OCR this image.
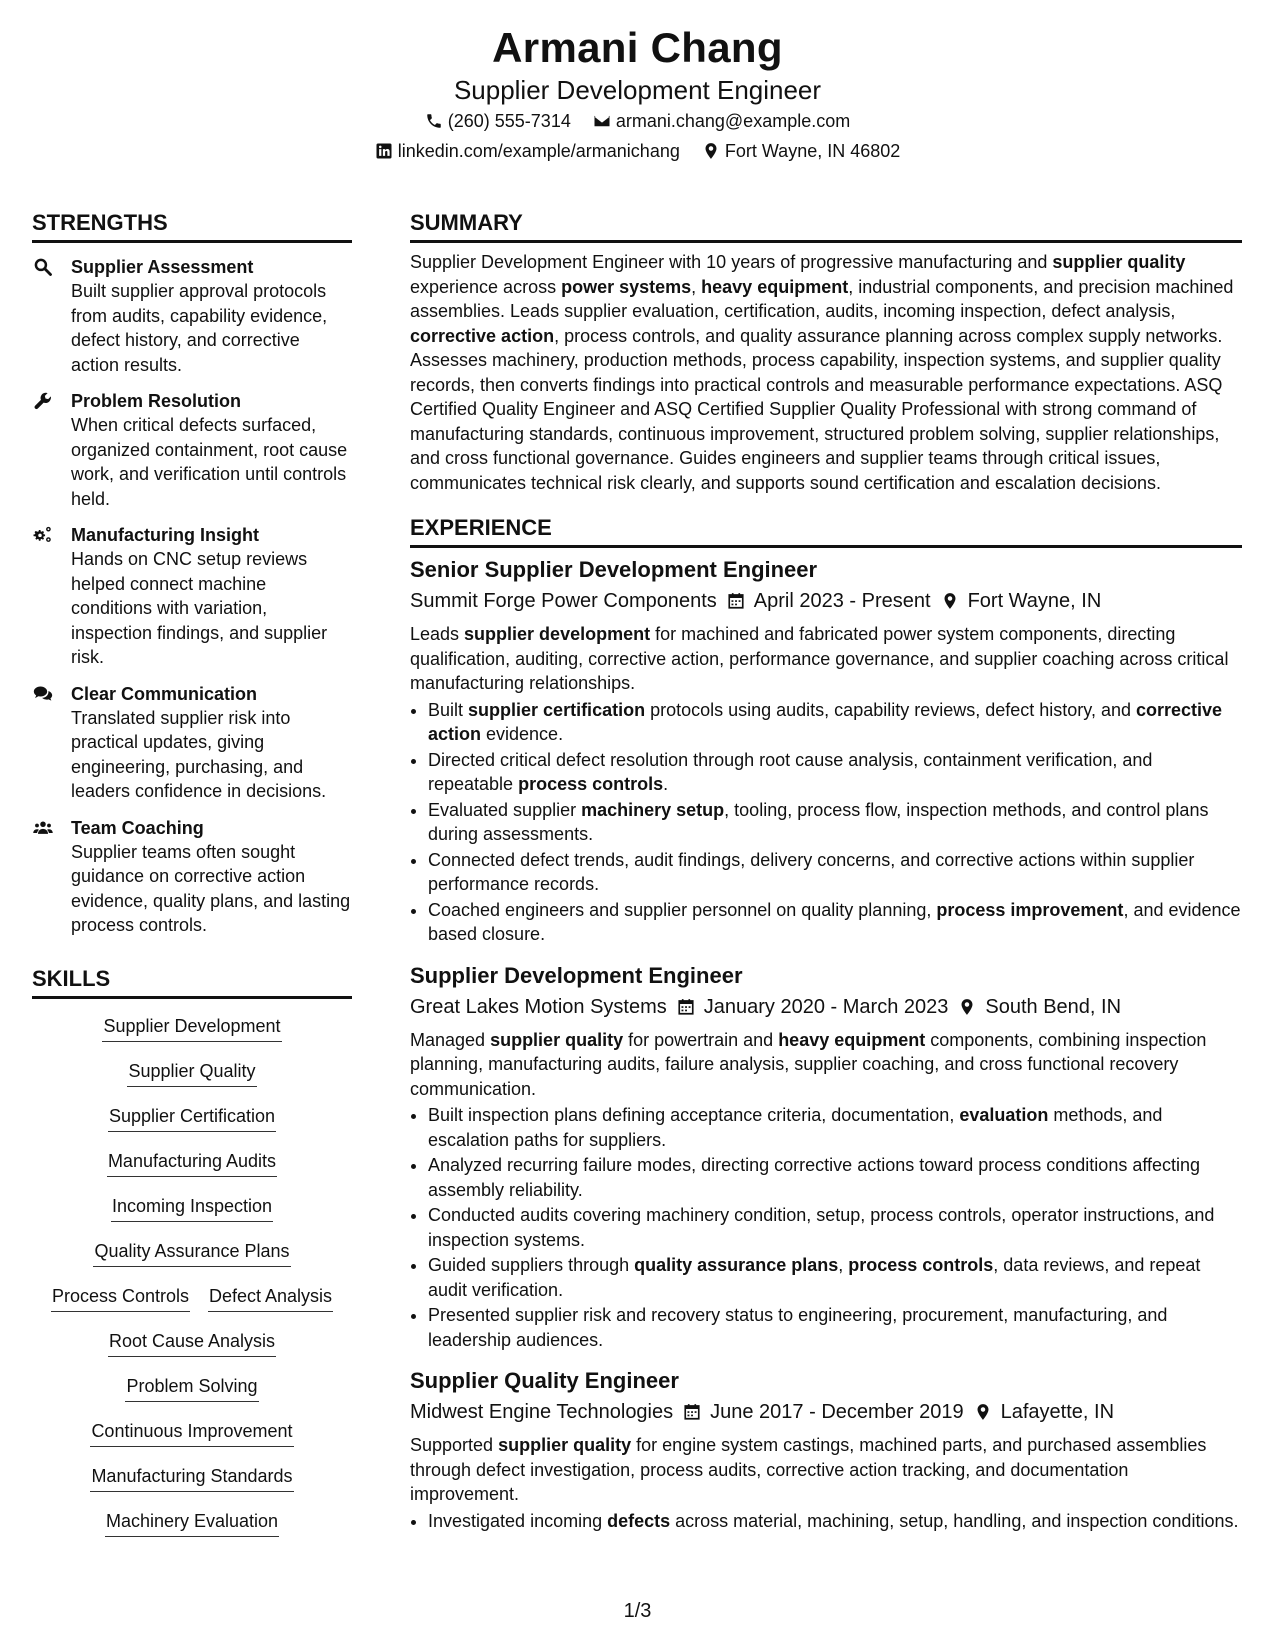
Armani Chang
Supplier Development Engineer
(260) 555-7314	armani.chang@example.com
linkedin.com/example/armanichang	Fort Wayne, IN 46802
STRENGTHS
Supplier Assessment
Built supplier approval protocols from audits, capability evidence, defect history, and corrective action results.
Problem Resolution
When critical defects surfaced, organized containment, root cause work, and verification until controls held.
Manufacturing Insight
Hands on CNC setup reviews helped connect machine conditions with variation, inspection findings, and supplier risk.
Clear Communication
Translated supplier risk into practical updates, giving engineering, purchasing, and leaders confidence in decisions.
Team Coaching
Supplier teams often sought guidance on corrective action evidence, quality plans, and lasting process controls.
SKILLS
Supplier Development
Supplier Quality
Supplier Certification
Manufacturing Audits
Incoming Inspection
Quality Assurance Plans
Process Controls Defect Analysis
Root Cause Analysis
Problem Solving
Continuous Improvement
Manufacturing Standards
Machinery Evaluation
SUMMARY
Supplier Development Engineer with 10 years of progressive manufacturing and supplier quality experience across power systems, heavy equipment, industrial components, and precision machined assemblies. Leads supplier evaluation, certification, audits, incoming inspection, defect analysis, corrective action, process controls, and quality assurance planning across complex supply networks. Assesses machinery, production methods, process capability, inspection systems, and supplier quality records, then converts findings into practical controls and measurable performance expectations. ASQ Certified Quality Engineer and ASQ Certified Supplier Quality Professional with strong command of manufacturing standards, continuous improvement, structured problem solving, supplier relationships, and cross functional governance. Guides engineers and supplier teams through critical issues, communicates technical risk clearly, and supports sound certification and escalation decisions.
EXPERIENCE
Senior Supplier Development Engineer
Summit Forge Power Components April 2023 - Present Fort Wayne, IN
Leads supplier development for machined and fabricated power system components, directing qualification, auditing, corrective action, performance governance, and supplier coaching across critical manufacturing relationships.
• Built supplier certification protocols using audits, capability reviews, defect history, and corrective action evidence.
• Directed critical defect resolution through root cause analysis, containment verification, and repeatable process controls.
• Evaluated supplier machinery setup, tooling, process flow, inspection methods, and control plans during assessments.
• Connected defect trends, audit findings, delivery concerns, and corrective actions within supplier performance records.
• Coached engineers and supplier personnel on quality planning, process improvement, and evidence based closure.
Supplier Development Engineer
Great Lakes Motion Systems January 2020 - March 2023 South Bend, IN
Managed supplier quality for powertrain and heavy equipment components, combining inspection planning, manufacturing audits, failure analysis, supplier coaching, and cross functional recovery communication.
• Built inspection plans defining acceptance criteria, documentation, evaluation methods, and escalation paths for suppliers.
• Analyzed recurring failure modes, directing corrective actions toward process conditions affecting assembly reliability.
• Conducted audits covering machinery condition, setup, process controls, operator instructions, and inspection systems.
• Guided suppliers through quality assurance plans, process controls, data reviews, and repeat audit verification.
• Presented supplier risk and recovery status to engineering, procurement, manufacturing, and leadership audiences.
Supplier Quality Engineer
Midwest Engine Technologies June 2017 - December 2019 Lafayette, IN
Supported supplier quality for engine system castings, machined parts, and purchased assemblies through defect investigation, process audits, corrective action tracking, and documentation improvement.
• Investigated incoming defects across material, machining, setup, handling, and inspection conditions.
1/3
